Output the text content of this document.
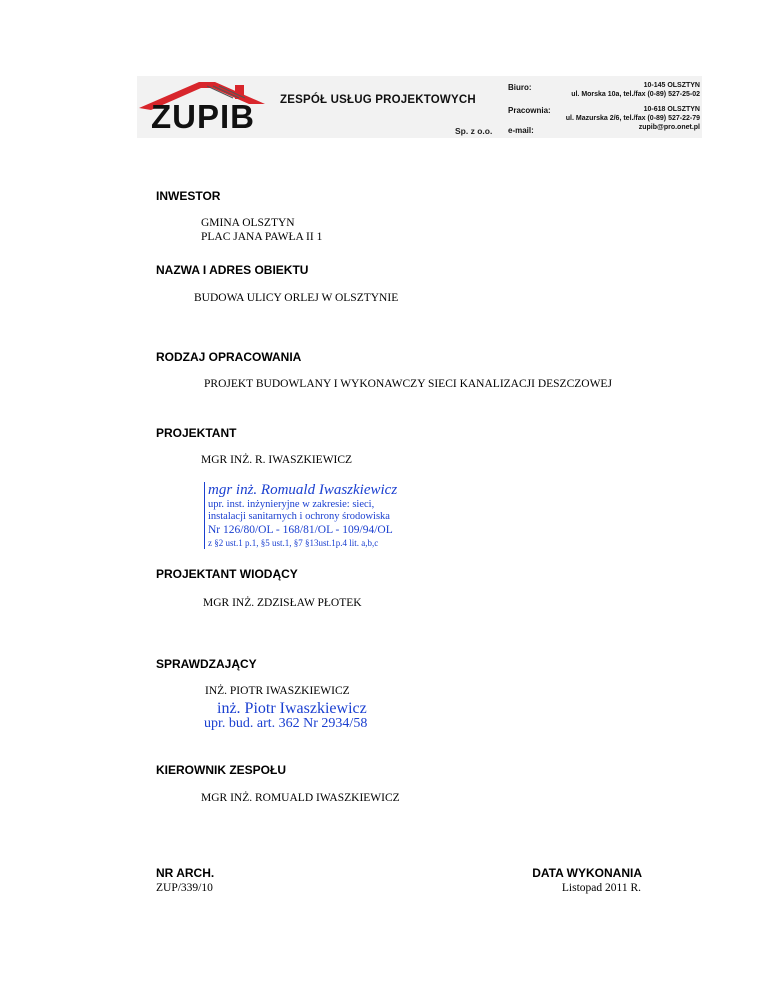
ZUPIB ZESPÓŁ USŁUG PROJEKTOWYCH
Sp. z o.o.
Biuro:	10-145 OLSZTYN
ul. Morska 10a, tel./fax (0-89) 527-25-02
Pracownia:	10-618 OLSZTYN
ul. Mazurska 2/6, tel./fax (0-89) 527-22-79
e-mail:	zupib@pro.onet.pl
INWESTOR
GMINA OLSZTYN
PLAC JANA PAWŁA II 1
NAZWA I ADRES OBIEKTU
BUDOWA ULICY ORLEJ W OLSZTYNIE
RODZAJ OPRACOWANIA
PROJEKT BUDOWLANY I WYKONAWCZY SIECI KANALIZACJI DESZCZOWEJ
PROJEKTANT
MGR INŻ. R. IWASZKIEWICZ
mgr inż. Romuald Iwaszkiewicz
upr. inst. inżynieryjne w zakresie: sieci,
instalacji sanitarnych i ochrony środowiska
Nr 126/80/OL - 168/81/OL - 109/94/OL
z §2 ust.1 p.1, §5 ust.1, §7 §13ust.1p.4 lit. a,b,c
PROJEKTANT WIODĄCY
MGR INŻ. ZDZISŁAW PŁOTEK
SPRAWDZAJĄCY
INŻ. PIOTR IWASZKIEWICZ
inż. Piotr Iwaszkiewicz
upr. bud. art. 362 Nr 2934/58
KIEROWNIK ZESPOŁU
MGR INŻ. ROMUALD IWASZKIEWICZ
NR ARCH.
ZUP/339/10
DATA WYKONANIA
Listopad 2011 R.
